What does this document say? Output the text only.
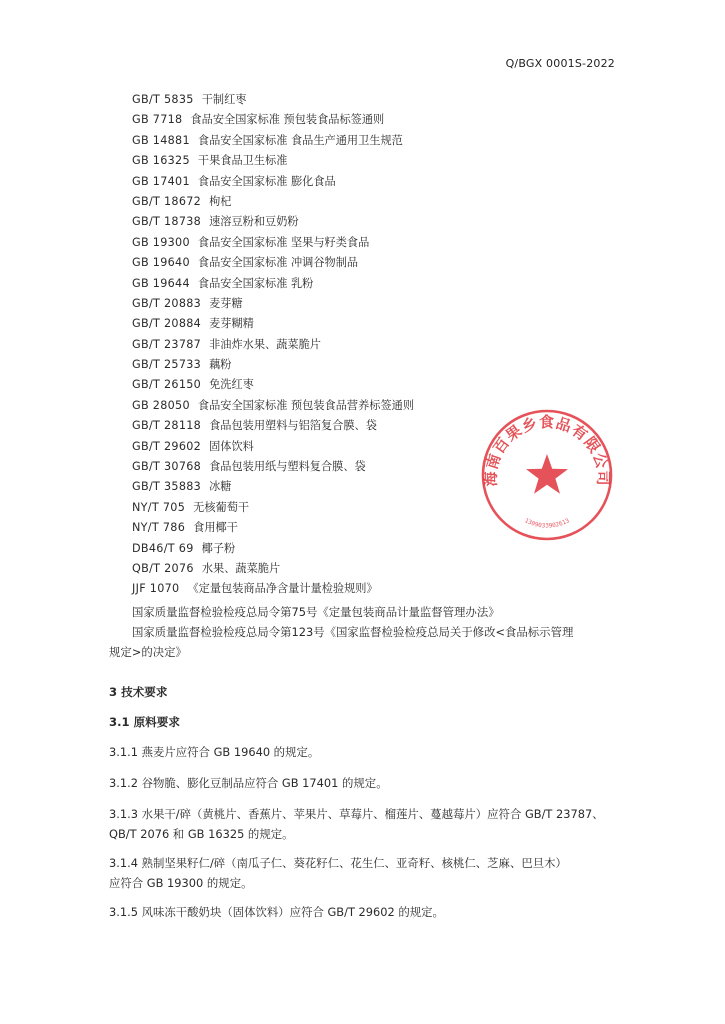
Q/BGX 0001S-2022
GB/T 5835 干制红枣
GB 7718 食品安全国家标准 预包装食品标签通则
GB 14881 食品安全国家标准 食品生产通用卫生规范
GB 16325 干果食品卫生标准
GB 17401 食品安全国家标准 膨化食品
GB/T 18672 枸杞
GB/T 18738 速溶豆粉和豆奶粉
GB 19300 食品安全国家标准 坚果与籽类食品
GB 19640 食品安全国家标准 冲调谷物制品
GB 19644 食品安全国家标准 乳粉
GB/T 20883 麦芽糖
GB/T 20884 麦芽糊精
GB/T 23787 非油炸水果、蔬菜脆片
GB/T 25733 藕粉
GB/T 26150 免洗红枣
GB 28050 食品安全国家标准 预包装食品营养标签通则
GB/T 28118 食品包装用塑料与铝箔复合膜、袋
GB/T 29602 固体饮料
GB/T 30768 食品包装用纸与塑料复合膜、袋
GB/T 35883 冰糖
NY/T 705 无核葡萄干
NY/T 786 食用椰干
DB46/T 69 椰子粉
QB/T 2076 水果、蔬菜脆片
JJF 1070 《定量包装商品净含量计量检验规则》
国家质量监督检验检疫总局令第75号《定量包装商品计量监督管理办法》
国家质量监督检验检疫总局令第123号《国家监督检验检疫总局关于修改<食品标示管理
规定>的决定》
3 技术要求
3.1 原料要求
3.1.1 燕麦片应符合 GB 19640 的规定。
3.1.2 谷物脆、膨化豆制品应符合 GB 17401 的规定。
3.1.3 水果干/碎（黄桃片、香蕉片、苹果片、草莓片、榴莲片、蔓越莓片）应符合 GB/T 23787、
QB/T 2076 和 GB 16325 的规定。
3.1.4 熟制坚果籽仁/碎（南瓜子仁、葵花籽仁、花生仁、亚奇籽、核桃仁、芝麻、巴旦木）
应符合 GB 19300 的规定。
3.1.5 风味冻干酸奶块（固体饮料）应符合 GB/T 29602 的规定。
海南百果乡食品有限公司
1309033902613
